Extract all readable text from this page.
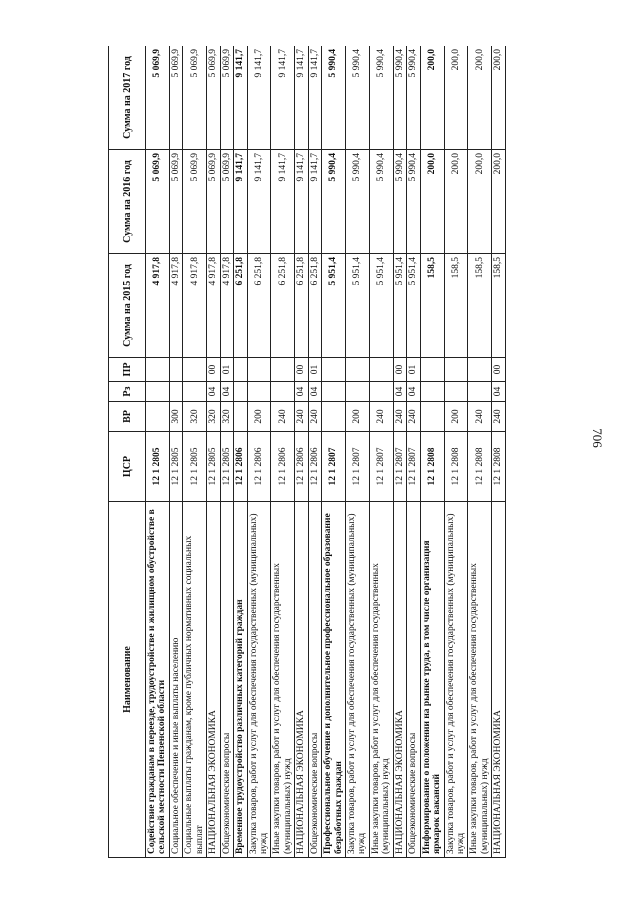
706
Наименование	ЦСР	ВР	Рз	ПР	Сумма на 2015 год	Сумма на 2016 год	Сумма на 2017 год
Содействие гражданам в переезде, трудоустройстве и жилищном обустройстве в сельской местности Пензенской области	12 1 2805				4 917,8	5 069,9	5 069,9
Социальное обеспечение и иные выплаты населению	12 1 2805	300			4 917,8	5 069,9	5 069,9
Социальные выплаты гражданам, кроме публичных нормативных социальных выплат	12 1 2805	320			4 917,8	5 069,9	5 069,9
НАЦИОНАЛЬНАЯ ЭКОНОМИКА	12 1 2805	320	04	00	4 917,8	5 069,9	5 069,9
Общеэкономические вопросы	12 1 2805	320	04	01	4 917,8	5 069,9	5 069,9
Временное трудоустройство различных категорий граждан	12 1 2806				6 251,8	9 141,7	9 141,7
Закупка товаров, работ и услуг для обеспечения государственных (муниципальных) нужд	12 1 2806	200			6 251,8	9 141,7	9 141,7
Иные закупки товаров, работ и услуг для обеспечения государственных (муниципальных) нужд	12 1 2806	240			6 251,8	9 141,7	9 141,7
НАЦИОНАЛЬНАЯ ЭКОНОМИКА	12 1 2806	240	04	00	6 251,8	9 141,7	9 141,7
Общеэкономические вопросы	12 1 2806	240	04	01	6 251,8	9 141,7	9 141,7
Профессиональное обучение и дополнительное профессиональное образование безработных граждан	12 1 2807				5 951,4	5 990,4	5 990,4
Закупка товаров, работ и услуг для обеспечения государственных (муниципальных) нужд	12 1 2807	200			5 951,4	5 990,4	5 990,4
Иные закупки товаров, работ и услуг для обеспечения государственных (муниципальных) нужд	12 1 2807	240			5 951,4	5 990,4	5 990,4
НАЦИОНАЛЬНАЯ ЭКОНОМИКА	12 1 2807	240	04	00	5 951,4	5 990,4	5 990,4
Общеэкономические вопросы	12 1 2807	240	04	01	5 951,4	5 990,4	5 990,4
Информирование о положении на рынке труда, в том числе организация ярмарок вакансий	12 1 2808				158,5	200,0	200,0
Закупка товаров, работ и услуг для обеспечения государственных (муниципальных) нужд	12 1 2808	200			158,5	200,0	200,0
Иные закупки товаров, работ и услуг для обеспечения государственных (муниципальных) нужд	12 1 2808	240			158,5	200,0	200,0
НАЦИОНАЛЬНАЯ ЭКОНОМИКА	12 1 2808	240	04	00	158,5	200,0	200,0
